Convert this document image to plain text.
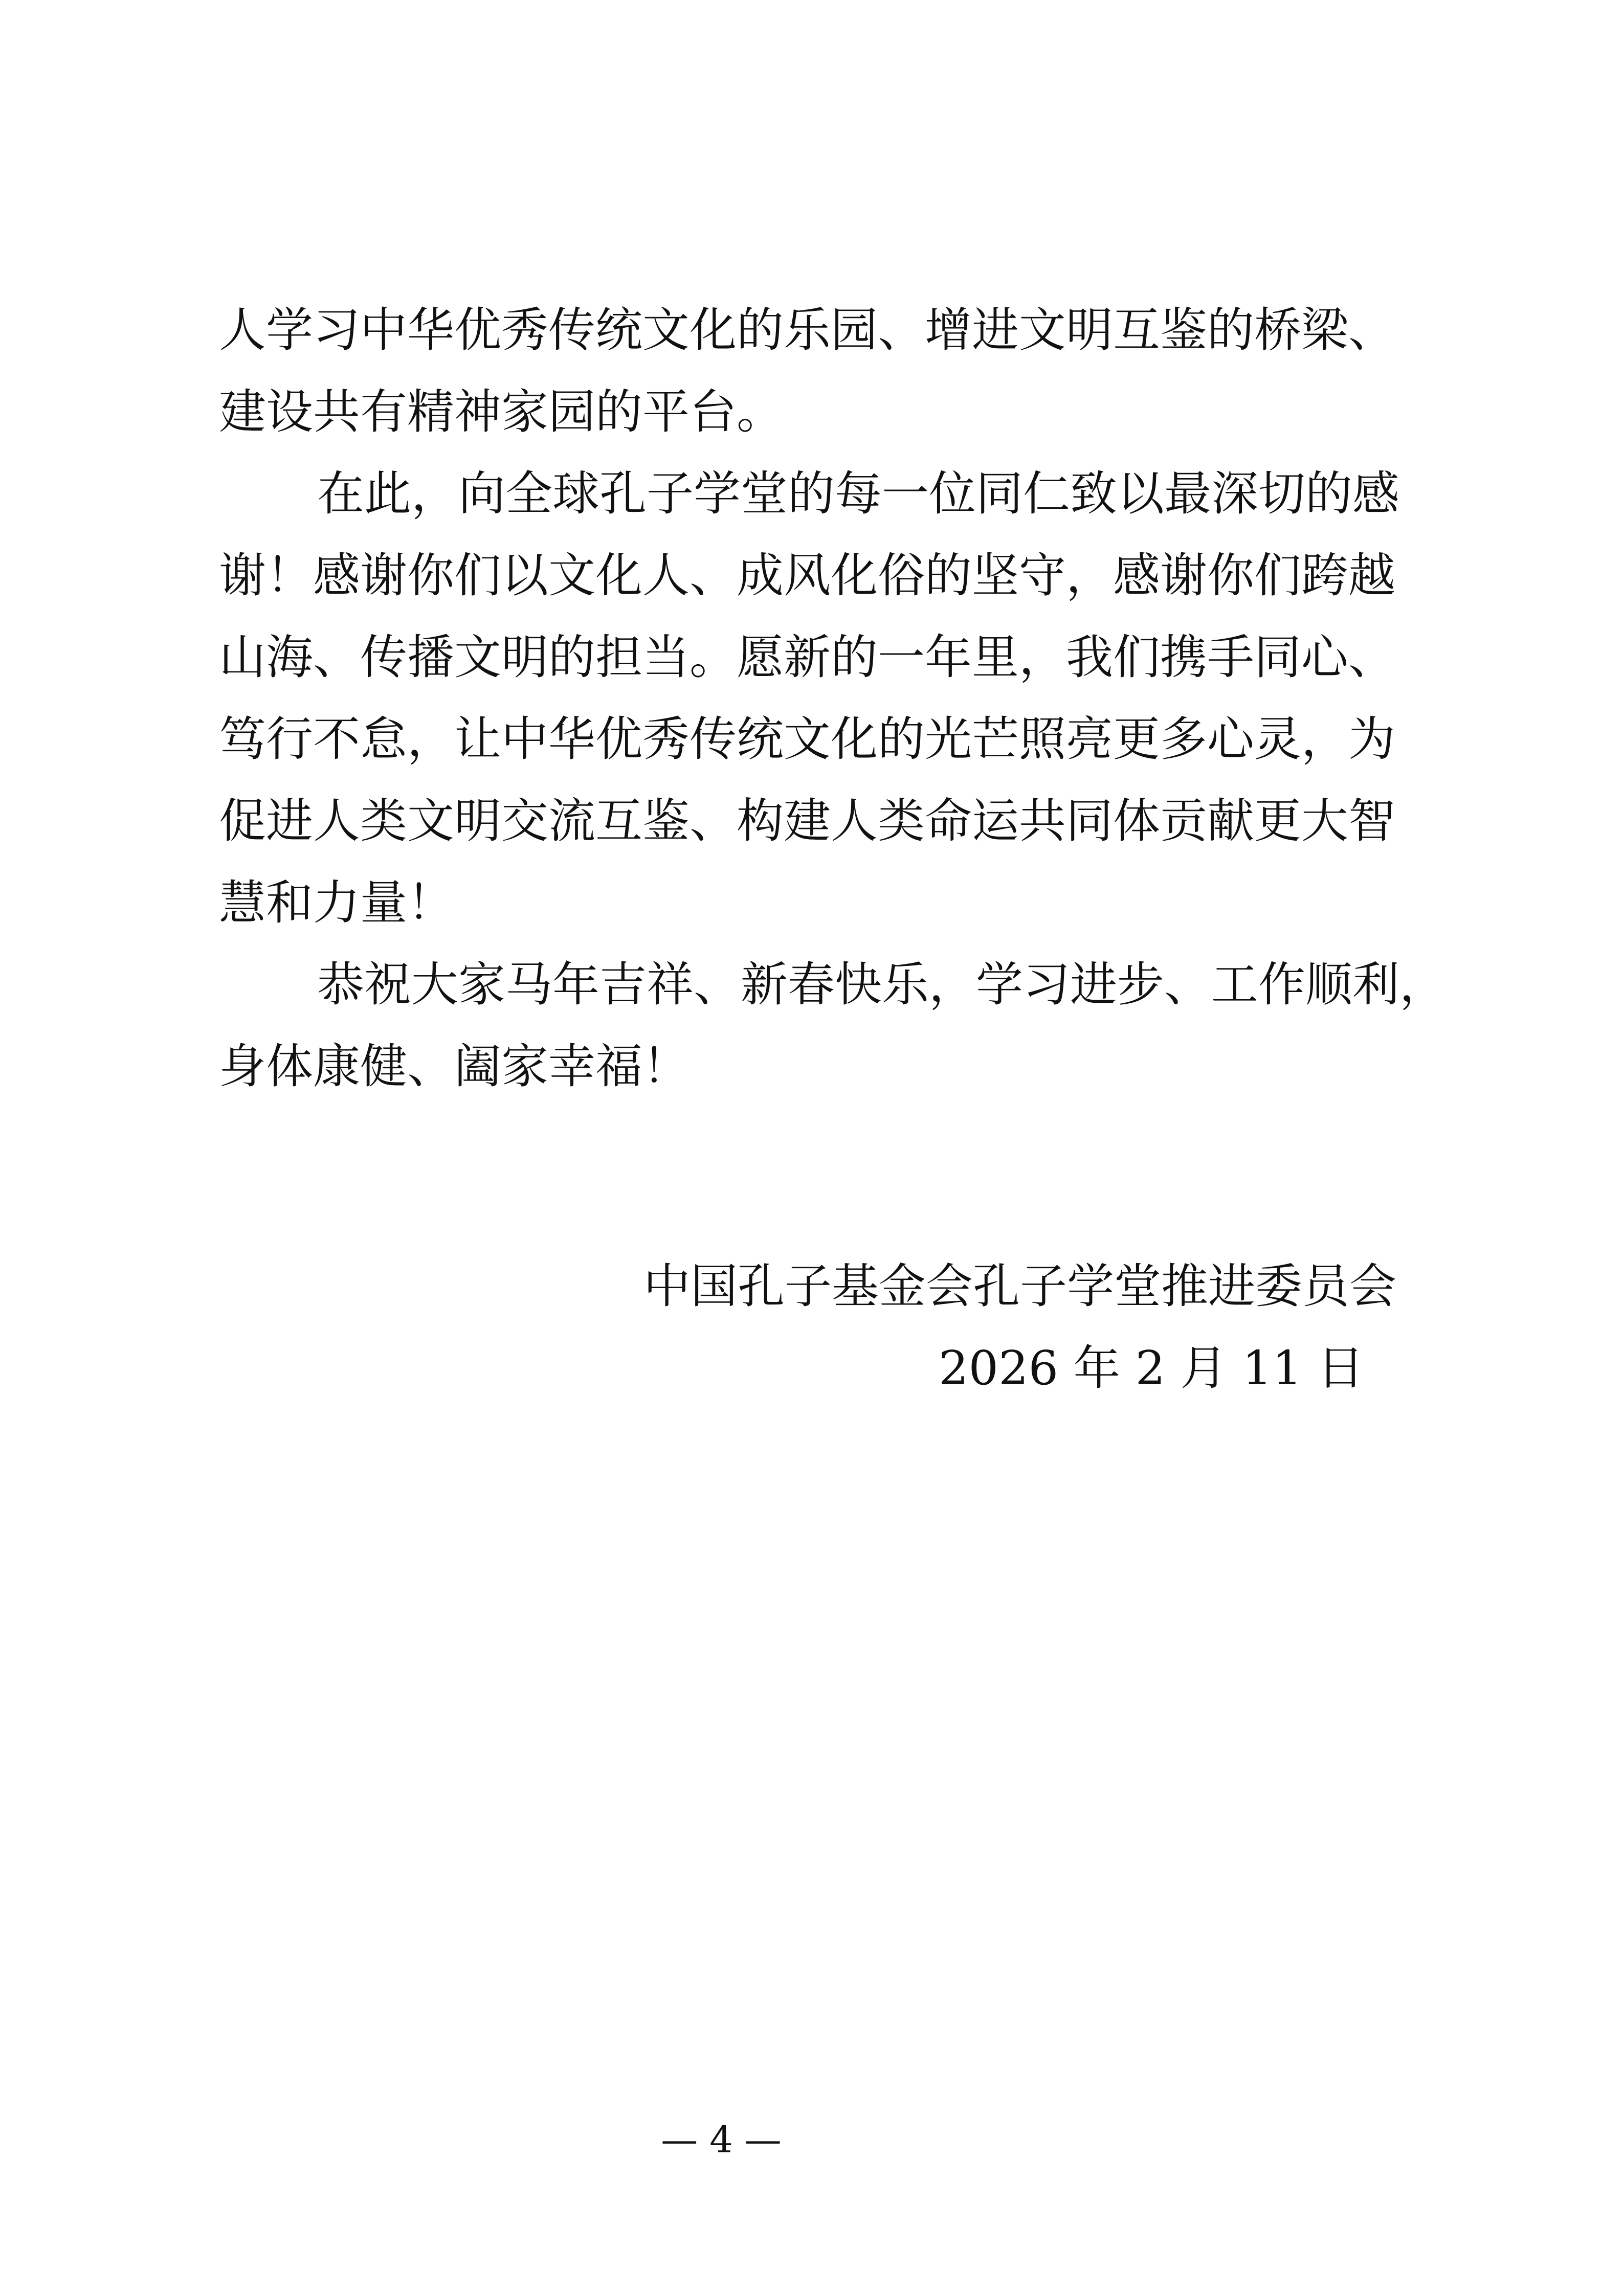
人学习中华优秀传统文化的乐园、增进文明互鉴的桥梁、
建设共有精神家园的平台。
在此，向全球孔子学堂的每一位同仁致以最深切的感
谢！感谢你们以文化人、成风化俗的坚守，感谢你们跨越
山海、传播文明的担当。愿新的一年里，我们携手同心、
笃行不怠，让中华优秀传统文化的光芒照亮更多心灵，为
促进人类文明交流互鉴、构建人类命运共同体贡献更大智
慧和力量！
恭祝大家马年吉祥、新春快乐，学习进步、工作顺利，
身体康健、阖家幸福！
中国孔子基金会孔子学堂推进委员会
2026 年 2 月 11 日
— 4 —
